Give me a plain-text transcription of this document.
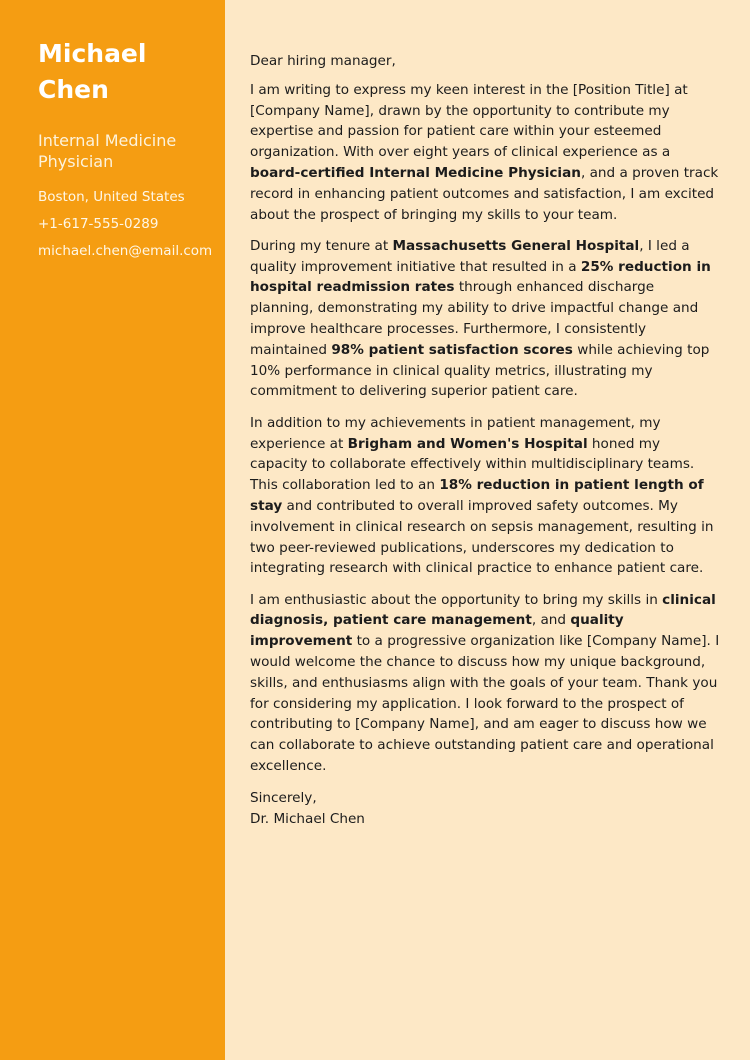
Michael
Chen
Internal Medicine
Physician
Boston, United States
+1-617-555-0289
michael.chen@email.com

Dear hiring manager,

I am writing to express my keen interest in the [Position Title] at [Company Name], drawn by the opportunity to contribute my expertise and passion for patient care within your esteemed organization. With over eight years of clinical experience as a board-certified Internal Medicine Physician, and a proven track record in enhancing patient outcomes and satisfaction, I am excited about the prospect of bringing my skills to your team.

During my tenure at Massachusetts General Hospital, I led a quality improvement initiative that resulted in a 25% reduction in hospital readmission rates through enhanced discharge planning, demonstrating my ability to drive impactful change and improve healthcare processes. Furthermore, I consistently maintained 98% patient satisfaction scores while achieving top 10% performance in clinical quality metrics, illustrating my commitment to delivering superior patient care.

In addition to my achievements in patient management, my experience at Brigham and Women's Hospital honed my capacity to collaborate effectively within multidisciplinary teams. This collaboration led to an 18% reduction in patient length of stay and contributed to overall improved safety outcomes. My involvement in clinical research on sepsis management, resulting in two peer-reviewed publications, underscores my dedication to integrating research with clinical practice to enhance patient care.

I am enthusiastic about the opportunity to bring my skills in clinical diagnosis, patient care management, and quality improvement to a progressive organization like [Company Name]. I would welcome the chance to discuss how my unique background, skills, and enthusiasms align with the goals of your team. Thank you for considering my application. I look forward to the prospect of contributing to [Company Name], and am eager to discuss how we can collaborate to achieve outstanding patient care and operational excellence.

Sincerely,

Dr. Michael Chen
